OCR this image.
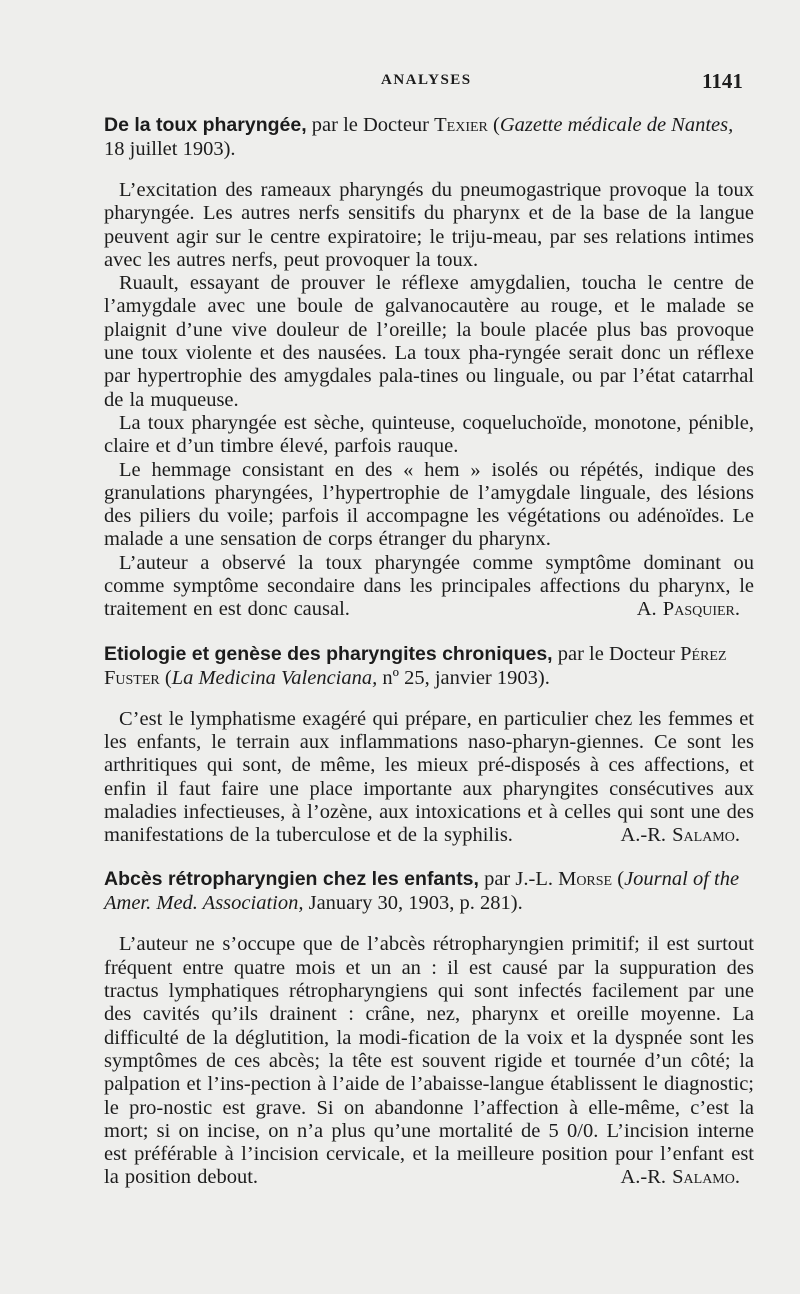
ANALYSES	1141

De la toux pharyngée, par le Docteur Texier (Gazette médicale de Nantes, 18 juillet 1903).

L’excitation des rameaux pharyngés du pneumogastrique provoque la toux pharyngée. Les autres nerfs sensitifs du pharynx et de la base de la langue peuvent agir sur le centre expiratoire; le triju-meau, par ses relations intimes avec les autres nerfs, peut provoquer la toux.

Ruault, essayant de prouver le réflexe amygdalien, toucha le centre de l’amygdale avec une boule de galvanocautère au rouge, et le malade se plaignit d’une vive douleur de l’oreille; la boule placée plus bas provoque une toux violente et des nausées. La toux pha-ryngée serait donc un réflexe par hypertrophie des amygdales pala-tines ou linguale, ou par l’état catarrhal de la muqueuse.

La toux pharyngée est sèche, quinteuse, coqueluchoïde, monotone, pénible, claire et d’un timbre élevé, parfois rauque.

Le hemmage consistant en des « hem » isolés ou répétés, indique des granulations pharyngées, l’hypertrophie de l’amygdale linguale, des lésions des piliers du voile; parfois il accompagne les végétations ou adénoïdes. Le malade a une sensation de corps étranger du pharynx.

L’auteur a observé la toux pharyngée comme symptôme dominant ou comme symptôme secondaire dans les principales affections du pharynx, le traitement en est donc causal.	A. Pasquier.

Etiologie et genèse des pharyngites chroniques, par le Docteur Pérez Fuster (La Medicina Valenciana, nº 25, janvier 1903).

C’est le lymphatisme exagéré qui prépare, en particulier chez les femmes et les enfants, le terrain aux inflammations naso-pharyn-giennes. Ce sont les arthritiques qui sont, de même, les mieux pré-disposés à ces affections, et enfin il faut faire une place importante aux pharyngites consécutives aux maladies infectieuses, à l’ozène, aux intoxications et à celles qui sont une des manifestations de la tuberculose et de la syphilis.	A.-R. Salamo.

Abcès rétropharyngien chez les enfants, par J.-L. Morse (Journal of the Amer. Med. Association, January 30, 1903, p. 281).

L’auteur ne s’occupe que de l’abcès rétropharyngien primitif; il est surtout fréquent entre quatre mois et un an : il est causé par la suppuration des tractus lymphatiques rétropharyngiens qui sont infectés facilement par une des cavités qu’ils drainent : crâne, nez, pharynx et oreille moyenne. La difficulté de la déglutition, la modi-fication de la voix et la dyspnée sont les symptômes de ces abcès; la tête est souvent rigide et tournée d’un côté; la palpation et l’ins-pection à l’aide de l’abaisse-langue établissent le diagnostic; le pro-nostic est grave. Si on abandonne l’affection à elle-même, c’est la mort; si on incise, on n’a plus qu’une mortalité de 5 0/0. L’incision interne est préférable à l’incision cervicale, et la meilleure position pour l’enfant est la position debout.	A.-R. Salamo.
